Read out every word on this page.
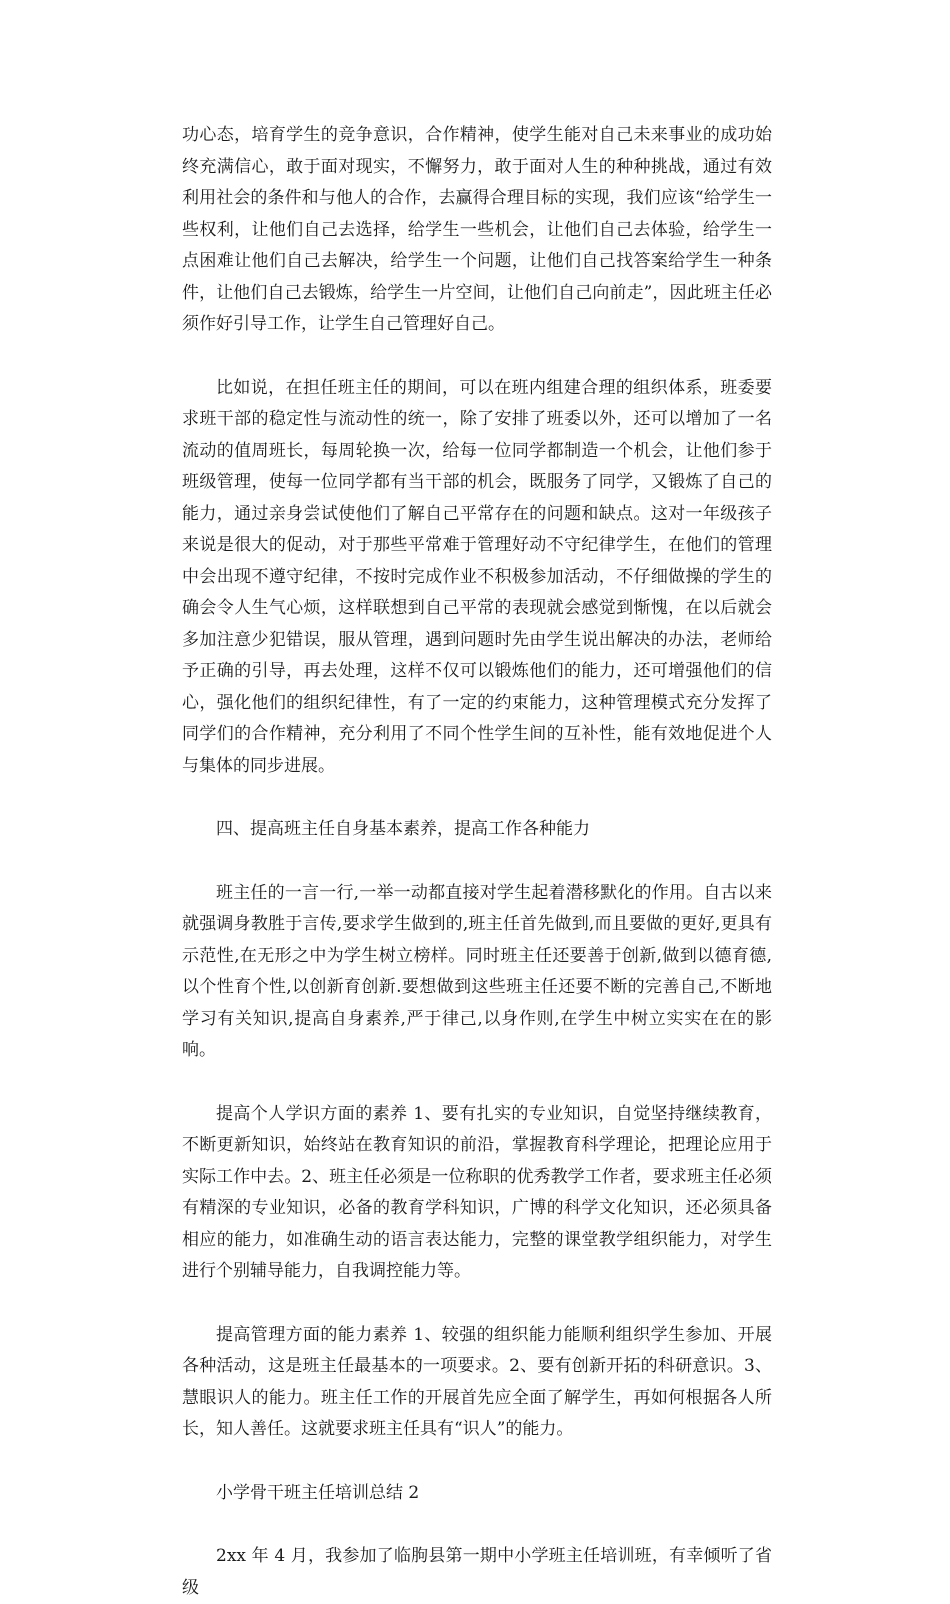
功心态，培育学生的竞争意识，合作精神，使学生能对自己未来事业的成功始终充满信心，敢于面对现实，不懈努力，敢于面对人生的种种挑战，通过有效利用社会的条件和与他人的合作，去赢得合理目标的实现，我们应该“给学生一些权利，让他们自己去选择，给学生一些机会，让他们自己去体验，给学生一点困难让他们自己去解决，给学生一个问题，让他们自己找答案给学生一种条件，让他们自己去锻炼，给学生一片空间，让他们自己向前走”，因此班主任必须作好引导工作，让学生自己管理好自己。

比如说，在担任班主任的期间，可以在班内组建合理的组织体系，班委要求班干部的稳定性与流动性的统一，除了安排了班委以外，还可以增加了一名流动的值周班长，每周轮换一次，给每一位同学都制造一个机会，让他们参于班级管理，使每一位同学都有当干部的机会，既服务了同学，又锻炼了自己的能力，通过亲身尝试使他们了解自己平常存在的问题和缺点。这对一年级孩子来说是很大的促动，对于那些平常难于管理好动不守纪律学生，在他们的管理中会出现不遵守纪律，不按时完成作业不积极参加活动，不仔细做操的学生的确会令人生气心烦，这样联想到自己平常的表现就会感觉到惭愧，在以后就会多加注意少犯错误，服从管理，遇到问题时先由学生说出解决的办法，老师给予正确的引导，再去处理，这样不仅可以锻炼他们的能力，还可增强他们的信心，强化他们的组织纪律性，有了一定的约束能力，这种管理模式充分发挥了同学们的合作精神，充分利用了不同个性学生间的互补性，能有效地促进个人与集体的同步进展。

四、提高班主任自身基本素养，提高工作各种能力

班主任的一言一行,一举一动都直接对学生起着潜移默化的作用。自古以来就强调身教胜于言传,要求学生做到的,班主任首先做到,而且要做的更好,更具有示范性,在无形之中为学生树立榜样。同时班主任还要善于创新,做到以德育德,以个性育个性,以创新育创新.要想做到这些班主任还要不断的完善自己,不断地学习有关知识,提高自身素养,严于律己,以身作则,在学生中树立实实在在的影响。

提高个人学识方面的素养 1、要有扎实的专业知识，自觉坚持继续教育，不断更新知识，始终站在教育知识的前沿，掌握教育科学理论，把理论应用于实际工作中去。2、班主任必须是一位称职的优秀教学工作者，要求班主任必须有精深的专业知识，必备的教育学科知识，广博的科学文化知识，还必须具备相应的能力，如准确生动的语言表达能力，完整的课堂教学组织能力，对学生进行个别辅导能力，自我调控能力等。

提高管理方面的能力素养 1、较强的组织能力能顺利组织学生参加、开展各种活动，这是班主任最基本的一项要求。2、要有创新开拓的科研意识。3、慧眼识人的能力。班主任工作的开展首先应全面了解学生，再如何根据各人所长，知人善任。这就要求班主任具有“识人”的能力。

小学骨干班主任培训总结 2

2xx 年 4 月，我参加了临朐县第一期中小学班主任培训班，有幸倾听了省级
